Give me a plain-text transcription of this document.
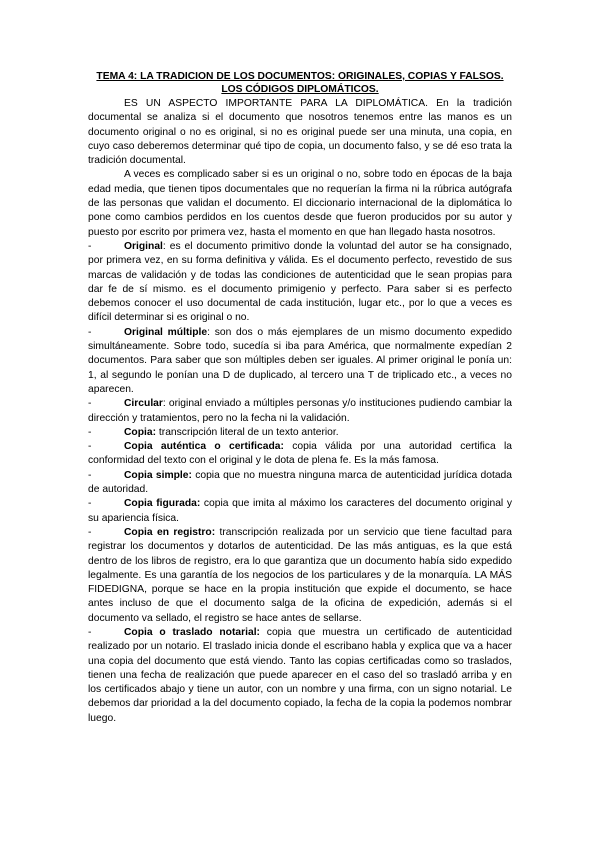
TEMA 4: LA TRADICION DE LOS DOCUMENTOS: ORIGINALES, COPIAS Y FALSOS. LOS CÓDIGOS DIPLOMÁTICOS.

ES UN ASPECTO IMPORTANTE PARA LA DIPLOMÁTICA. En la tradición documental se analiza si el documento que nosotros tenemos entre las manos es un documento original o no es original, si no es original puede ser una minuta, una copia, en cuyo caso deberemos determinar qué tipo de copia, un documento falso, y se dé eso trata la tradición documental.

A veces es complicado saber si es un original o no, sobre todo en épocas de la baja edad media, que tienen tipos documentales que no requerían la firma ni la rúbrica autógrafa de las personas que validan el documento. El diccionario internacional de la diplomática lo pone como cambios perdidos en los cuentos desde que fueron producidos por su autor y puesto por escrito por primera vez, hasta el momento en que han llegado hasta nosotros.

-	Original: es el documento primitivo donde la voluntad del autor se ha consignado, por primera vez, en su forma definitiva y válida. Es el documento perfecto, revestido de sus marcas de validación y de todas las condiciones de autenticidad que le sean propias para dar fe de sí mismo. es el documento primigenio y perfecto. Para saber si es perfecto debemos conocer el uso documental de cada institución, lugar etc., por lo que a veces es difícil determinar si es original o no.

-	Original múltiple: son dos o más ejemplares de un mismo documento expedido simultáneamente. Sobre todo, sucedía si iba para América, que normalmente expedían 2 documentos. Para saber que son múltiples deben ser iguales. Al primer original le ponía un: 1, al segundo le ponían una D de duplicado, al tercero una T de triplicado etc., a veces no aparecen.

-	Circular: original enviado a múltiples personas y/o instituciones pudiendo cambiar la dirección y tratamientos, pero no la fecha ni la validación.

-	Copia: transcripción literal de un texto anterior.

-	Copia auténtica o certificada: copia válida por una autoridad certifica la conformidad del texto con el original y le dota de plena fe. Es la más famosa.

-	Copia simple: copia que no muestra ninguna marca de autenticidad jurídica dotada de autoridad.

-	Copia figurada: copia que imita al máximo los caracteres del documento original y su apariencia física.

-	Copia en registro: transcripción realizada por un servicio que tiene facultad para registrar los documentos y dotarlos de autenticidad. De las más antiguas, es la que está dentro de los libros de registro, era lo que garantiza que un documento había sido expedido legalmente. Es una garantía de los negocios de los particulares y de la monarquía. LA MÁS FIDEDIGNA, porque se hace en la propia institución que expide el documento, se hace antes incluso de que el documento salga de la oficina de expedición, además si el documento va sellado, el registro se hace antes de sellarse.

-	Copia o traslado notarial: copia que muestra un certificado de autenticidad realizado por un notario. El traslado inicia donde el escribano habla y explica que va a hacer una copia del documento que está viendo. Tanto las copias certificadas como so traslados, tienen una fecha de realización que puede aparecer en el caso del so trasladó arriba y en los certificados abajo y tiene un autor, con un nombre y una firma, con un signo notarial. Le debemos dar prioridad a la del documento copiado, la fecha de la copia la podemos nombrar luego.
